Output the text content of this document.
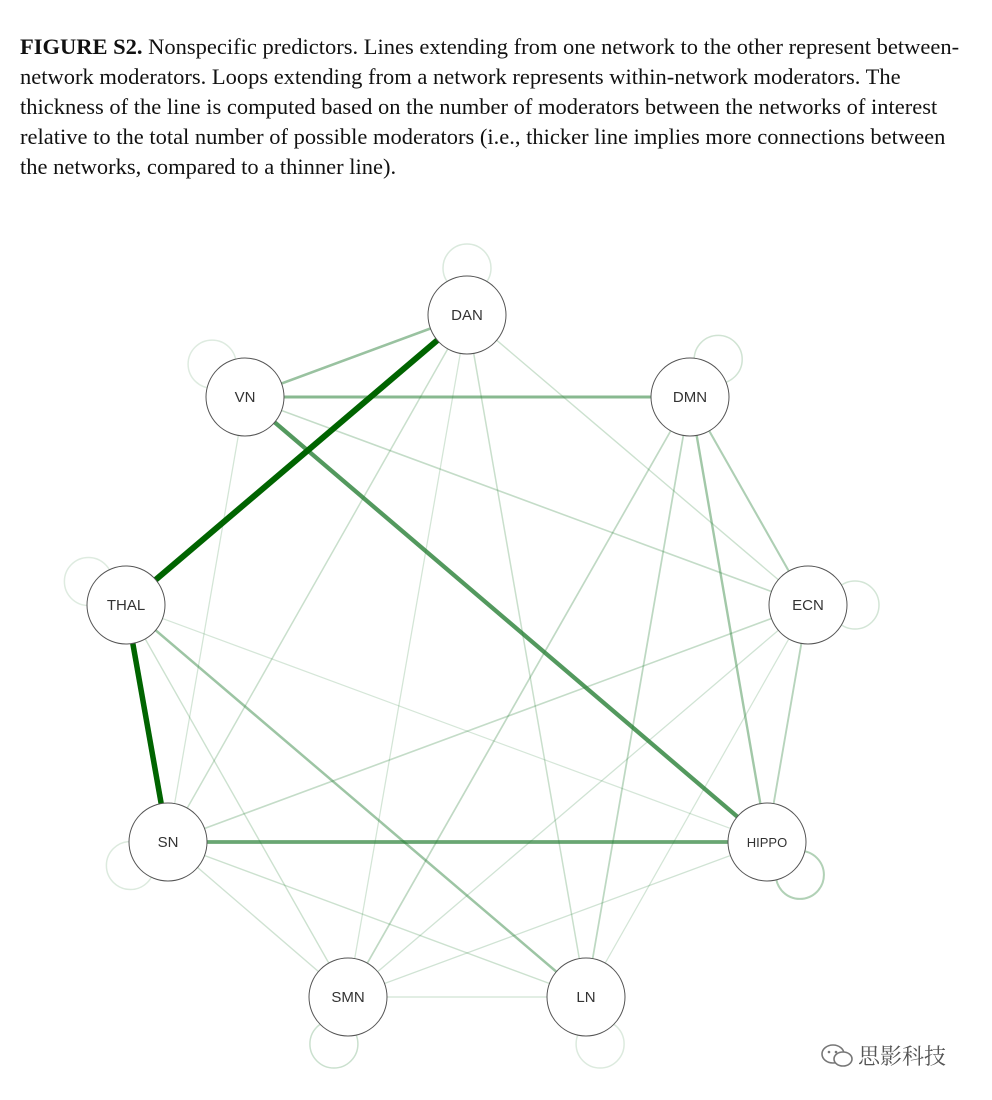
FIGURE S2. Nonspecific predictors. Lines extending from one network to the other represent between-network moderators. Loops extending from a network represents within-network moderators. The thickness of the line is computed based on the number of moderators between the networks of interest relative to the total number of possible moderators (i.e., thicker line implies more connections between the networks, compared to a thinner line).
DAN
VN	DMN
THAL	ECN
SN	HIPPO
SMN	LN
思影科技
